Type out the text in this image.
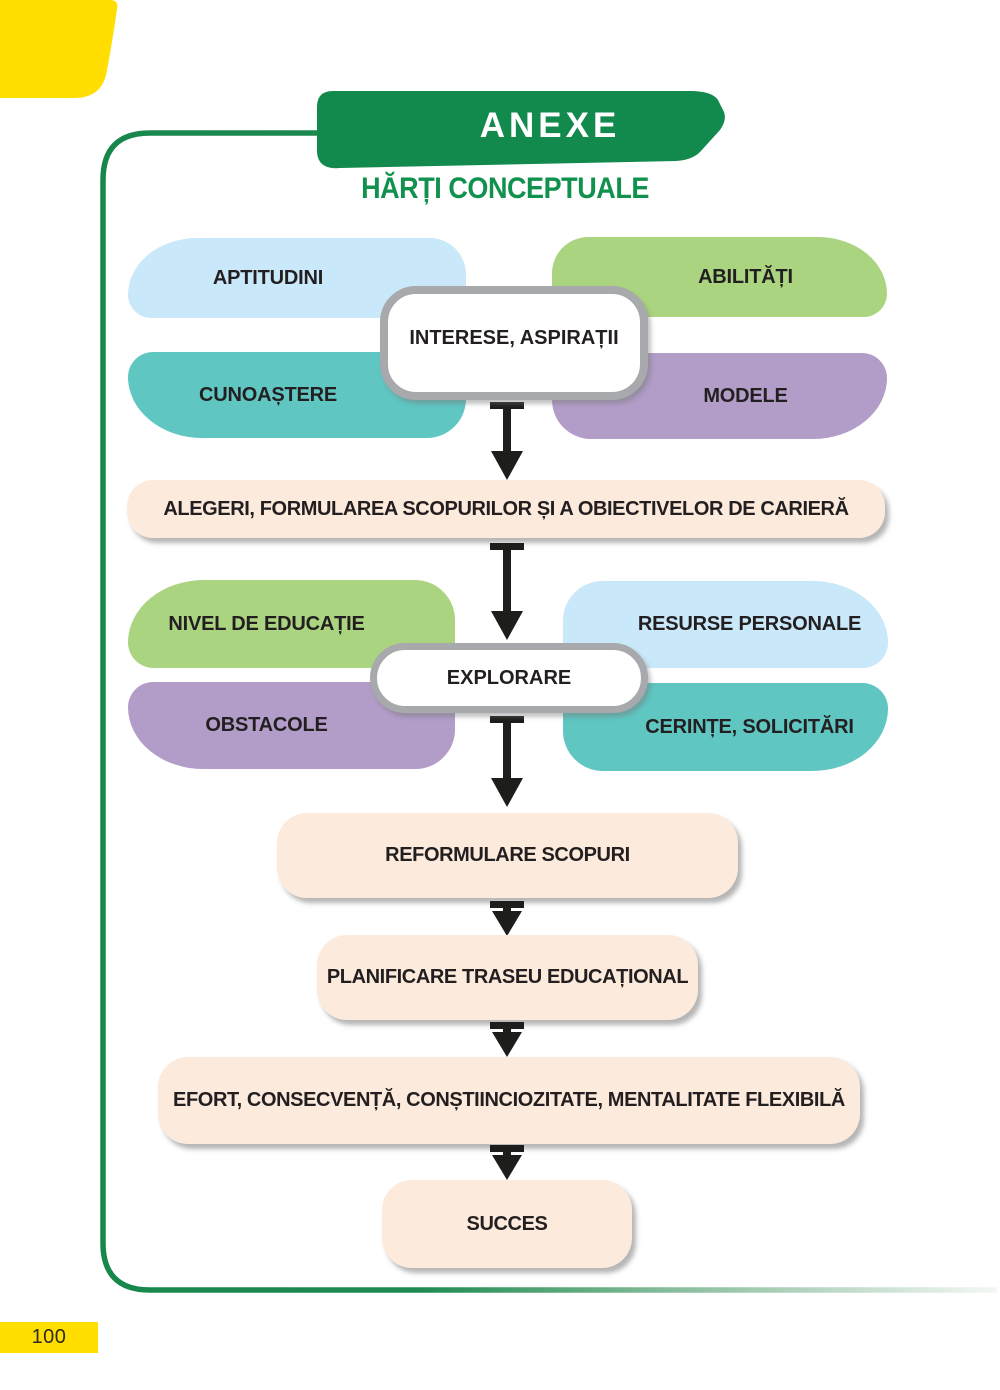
ANEXE
HĂRȚI CONCEPTUALE
APTITUDINI
CUNOAȘTERE
ABILITĂȚI
MODELE
INTERESE, ASPIRAȚII
ALEGERI, FORMULAREA SCOPURILOR ȘI A OBIECTIVELOR DE CARIERĂ
NIVEL DE EDUCAȚIE
OBSTACOLE
RESURSE PERSONALE
CERINȚE, SOLICITĂRI
EXPLORARE
REFORMULARE SCOPURI
PLANIFICARE TRASEU EDUCAȚIONAL
EFORT, CONSECVENȚĂ, CONȘTIINCIOZITATE, MENTALITATE FLEXIBILĂ
SUCCES
100
